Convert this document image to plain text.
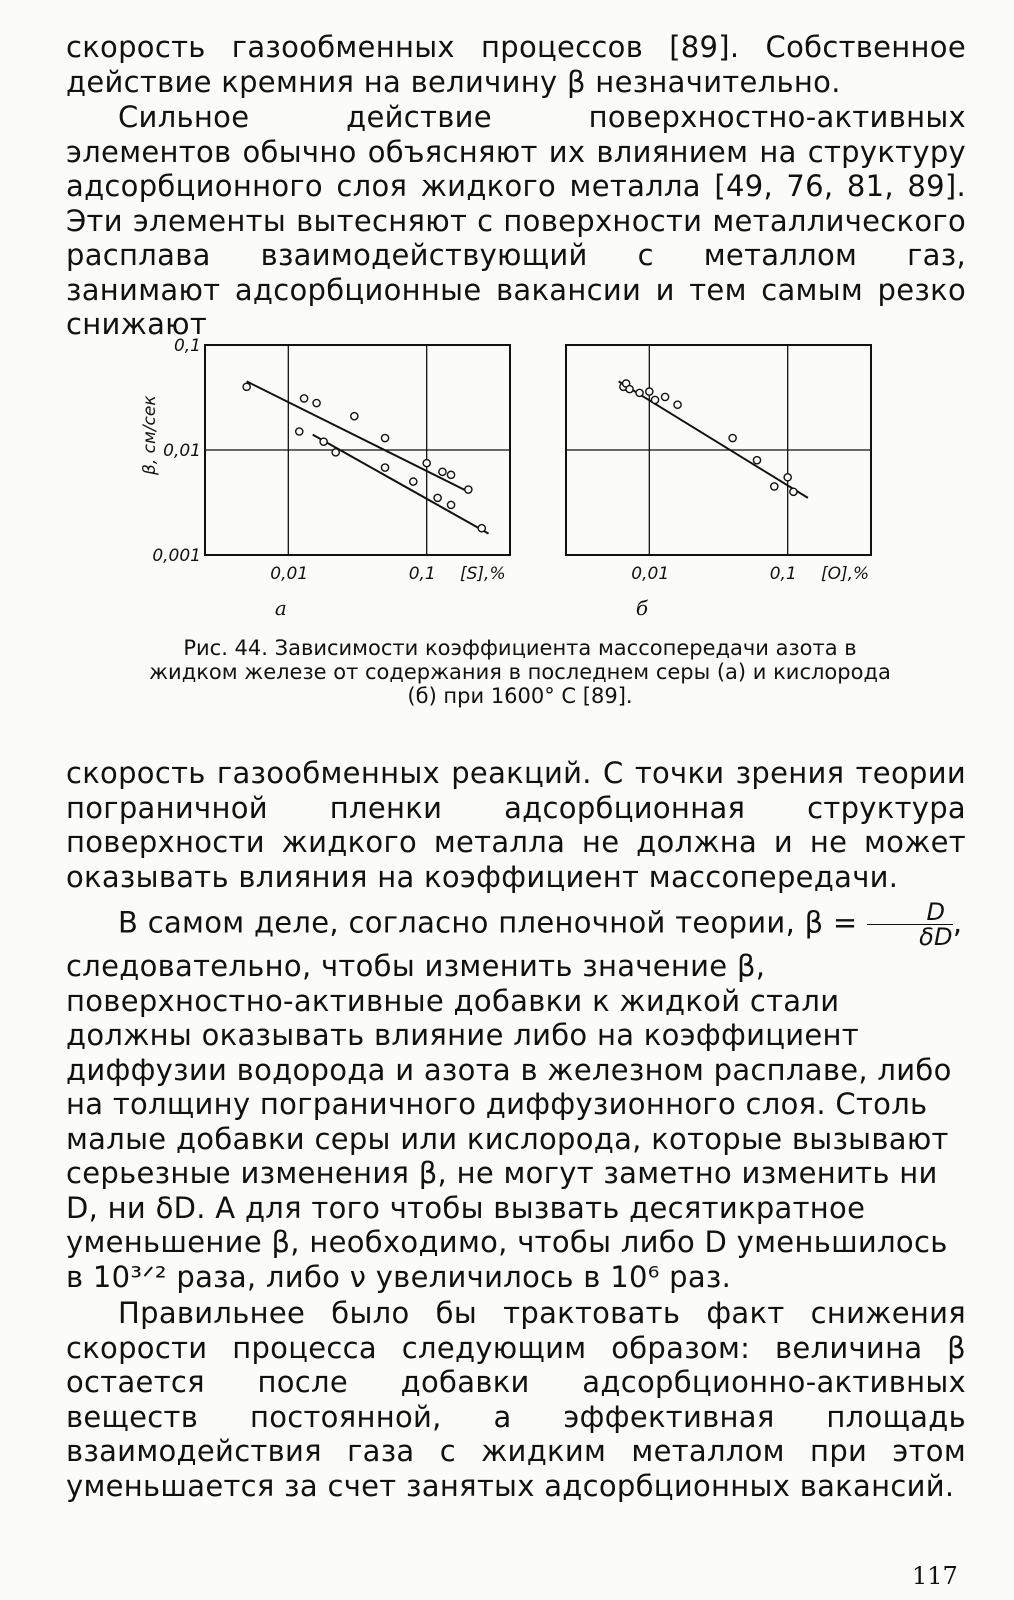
скорость газообменных процессов [89]. Собственное действие кремния на величину β незначительно.

Сильное действие поверхностно-активных элементов обычно объясняют их влиянием на структуру адсорбционного слоя жидкого металла [49, 76, 81, 89]. Эти элементы вытесняют с поверхности металлического расплава взаимодействующий с металлом газ, занимают адсорбционные вакансии и тем самым резко снижают

0,01	0,1 [S],%
0,1
0,01
0,001
β, см/сек
а
0,01	0,1 [O],%
б

Рис. 44. Зависимости коэффициента массопередачи азота в жидком железе от содержания в последнем серы (а) и кислорода (б) при 1600° С [89].

скорость газообменных реакций. С точки зрения теории пограничной пленки адсорбционная структура поверхности жидкого металла не должна и не может оказывать влияния на коэффициент массопередачи.

В самом деле, согласно пленочной теории, $\beta = \frac{D}{\delta D}$ , следовательно, чтобы изменить значение β, поверхностно-активные добавки к жидкой стали должны оказывать влияние либо на коэффициент диффузии водорода и азота в железном расплаве, либо на толщину пограничного диффузионного слоя. Столь малые добавки серы или кислорода, которые вызывают серьезные изменения β, не могут заметно изменить ни D, ни δD. А для того чтобы вызвать десятикратное уменьшение β, необходимо, чтобы либо D уменьшилось в 10³ᐟ² раза, либо ν увеличилось в 10⁶ раз.

Правильнее было бы трактовать факт снижения скорости процесса следующим образом: величина β остается после добавки адсорбционно-активных веществ постоянной, а эффективная площадь взаимодействия газа с жидким металлом при этом уменьшается за счет занятых адсорбционных вакансий.

117
